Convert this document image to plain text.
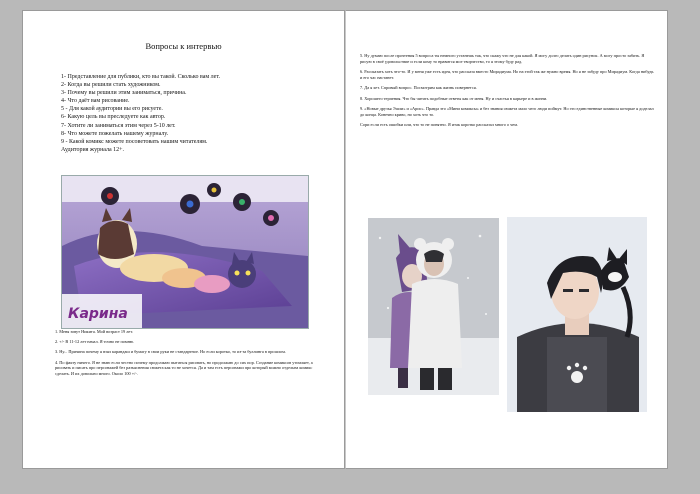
Вопросы к интервью
1- Представление для публики, кто вы такой. Сколько вам лет.
2- Когда вы решили стать художником.
3- Почему вы решили этим заниматься, причина.
4- Что даёт вам рисование.
5 - Для какой аудитории вы его рисуете.
6- Какую цель вы преследуете как автор.
7- Хотите ли заниматься этим через 5-10 лет.
8- Что можете пожелать нашему журналу.
9 - Какой комикс можете посоветовать нашим читателям.
Аудитория журнала 12+.
Карина

1. Меня зовут Никита. Мой возраст 19 лет.

2. +/- В 11-12 лет начал. Я точно не помню.

3. Ну... Причина почему я взял карандаш и бумагу в свои руки не стандартное. Но если коротко, то из-за буллинга в прошлом.

4. По факту ничего. Я не знаю если честно почему продолжаю пытаться рисовать, но продолжаю до сих пор. Создание комиксов утомляет, а рисовать и писать про персонажей без разъяснения сюжета как то не хочется. Да и там есть персонажи про который можно отдельна комикс сделать. И их довольно много. Около 100 +/-.

5. Ну думаю после прочтения 5 вопроса ты немного устанешь так, что скажу что не для какой. Я могу долго делать один рисунок. А могу просто забить. Я рисую в своё удовольствие и если кому то нравится мое творчество, то я этому буду рад.

6. Рассказать хоть что-то. И у меня уже есть идея, что рассказа вместо Мирадиума. Но на этой так же нужно время. Но я не забуду про Мирадиум. Когда нибудь и его час настанет.

7. Да я хет. Спровый вопрос. Посмотрим как жизнь повернется.

8. Хорошего терпения. Что бы читать подобные ответы как от меня. Ну и счастья в карьере и в жизни.

9. «Новые друзья Эшли» и «Арис». Правда это «Мини комиксы» и без знания сюжета мало чего люди поймут. Но это единственные комиксы которые я доделал до конца. Конечно криво, но хоть что то.

Сори если есть ошибки или, что то не понятно. Я итак коротко рассказал много о чем.
